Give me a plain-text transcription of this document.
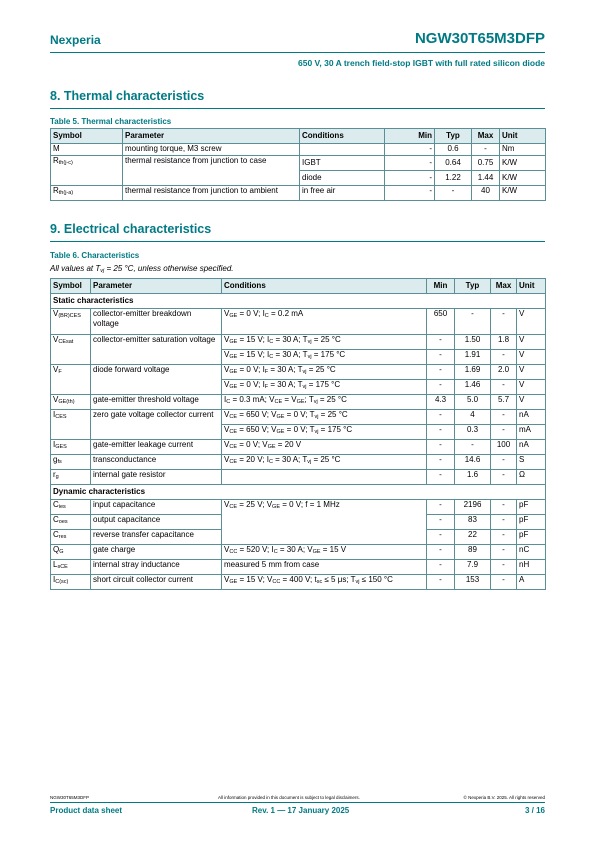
Nexperia	NGW30T65M3DFP
650 V, 30 A trench field-stop IGBT with full rated silicon diode
8. Thermal characteristics
Table 5. Thermal characteristics
Symbol	Parameter	Conditions	Min	Typ	Max	Unit
M	mounting torque, M3 screw		-	0.6	-	Nm
$R_{th(j-c)}$	thermal resistance from junction to case	IGBT	-	0.64	0.75	K/W
		diode	-	1.22	1.44	K/W
$R_{th(j-a)}$	thermal resistance from junction to ambient	in free air	-	-	40	K/W
9. Electrical characteristics
Table 6. Characteristics
All values at $T_{vj} = 25$ °C, unless otherwise specified.
Symbol	Parameter	Conditions	Min	Typ	Max	Unit
Static characteristics						
$V_{(BR)CES}$	collector-emitter breakdown voltage	$V_{GE} = 0$ V; $I_C = 0.2$ mA	650	-	-	V
$V_{CEsat}$	collector-emitter saturation voltage	$V_{GE} = 15$ V; $I_C = 30$ A; $T_{vj} = 25$ °C	-	1.50	1.8	V
		$V_{GE} = 15$ V; $I_C = 30$ A; $T_{vj} = 175$ °C	-	1.91	-	V
$V_F$	diode forward voltage	$V_{GE} = 0$ V; $I_F = 30$ A; $T_{vj} = 25$ °C	-	1.69	2.0	V
		$V_{GE} = 0$ V; $I_F = 30$ A; $T_{vj} = 175$ °C	-	1.46	-	V
$V_{GE(th)}$	gate-emitter threshold voltage	$I_C = 0.3$ mA; $V_{CE} = V_{GE}$; $T_{vj} = 25$ °C	4.3	5.0	5.7	V
$I_{CES}$	zero gate voltage collector current	$V_{CE} = 650$ V; $V_{GE} = 0$ V; $T_{vj} = 25$ °C	-	4	-	nA
		$V_{CE} = 650$ V; $V_{GE} = 0$ V; $T_{vj} = 175$ °C	-	0.3	-	mA
$I_{GES}$	gate-emitter leakage current	$V_{CE} = 0$ V; $V_{GE} = 20$ V	-	-	100	nA
$g_{fs}$	transconductance	$V_{CE} = 20$ V; $I_C = 30$ A; $T_{vj} = 25$ °C	-	14.6	-	S
$r_g$	internal gate resistor		-	1.6	-	Ω
Dynamic characteristics						
$C_{ies}$	input capacitance	$V_{CE} = 25$ V; $V_{GE} = 0$ V; f = 1 MHz	-	2196	-	pF
$C_{oes}$	output capacitance		-	83	-	pF
$C_{res}$	reverse transfer capacitance		-	22	-	pF
$Q_G$	gate charge	$V_{CC} = 520$ V; $I_C = 30$ A; $V_{GE} = 15$ V	-	89	-	nC
$L_{sCE}$	internal stray inductance	measured 5 mm from case	-	7.9	-	nH
$I_{C(sc)}$	short circuit collector current	$V_{GE} = 15$ V; $V_{CC} = 400$ V; $t_{sc} \le 5$ μs; $T_{vj} \le 150$ °C	-	153	-	A
NGW30T65M3DFP	All information provided in this document is subject to legal disclaimers.	© Nexperia B.V. 2025. All rights reserved
Product data sheet	Rev. 1 — 17 January 2025	3 / 16
